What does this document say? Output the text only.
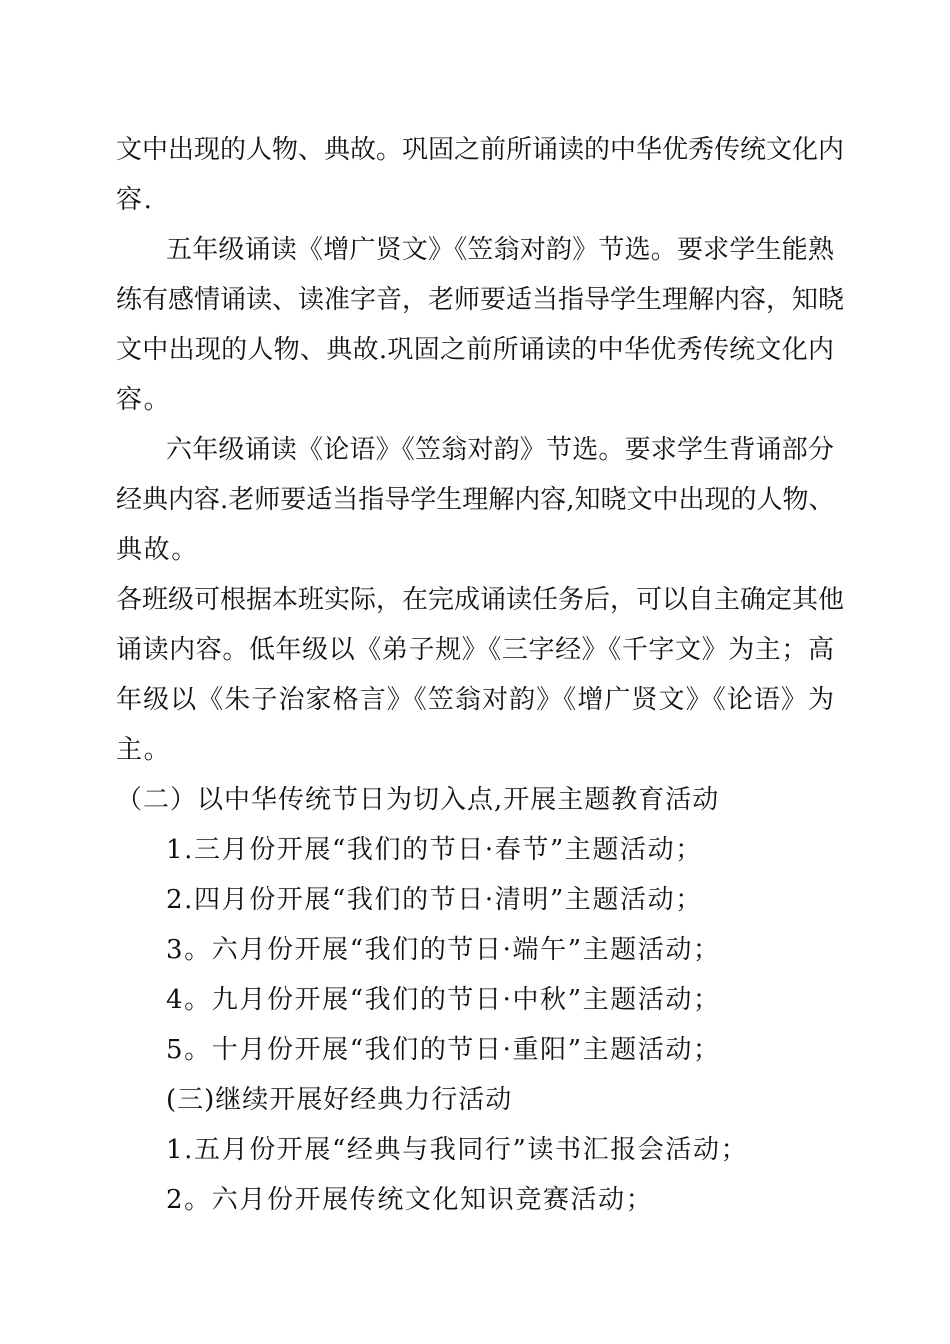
文中出现的人物、典故。巩固之前所诵读的中华优秀传统文化内
容.
五年级诵读《增广贤文》《笠翁对韵》节选。要求学生能熟
练有感情诵读、读准字音，老师要适当指导学生理解内容，知晓
文中出现的人物、典故.巩固之前所诵读的中华优秀传统文化内
容。
六年级诵读《论语》《笠翁对韵》节选。要求学生背诵部分
经典内容.老师要适当指导学生理解内容,知晓文中出现的人物、
典故。
各班级可根据本班实际，在完成诵读任务后，可以自主确定其他
诵读内容。低年级以《弟子规》《三字经》《千字文》为主；高
年级以《朱子治家格言》《笠翁对韵》《增广贤文》《论语》为
主。
（二）以中华传统节日为切入点,开展主题教育活动
1.三月份开展“我们的节日·春节”主题活动；
2.四月份开展“我们的节日·清明”主题活动；
3。六月份开展“我们的节日·端午”主题活动；
4。九月份开展“我们的节日·中秋”主题活动；
5。十月份开展“我们的节日·重阳”主题活动；
(三)继续开展好经典力行活动
1.五月份开展“经典与我同行”读书汇报会活动；
2。六月份开展传统文化知识竞赛活动；
